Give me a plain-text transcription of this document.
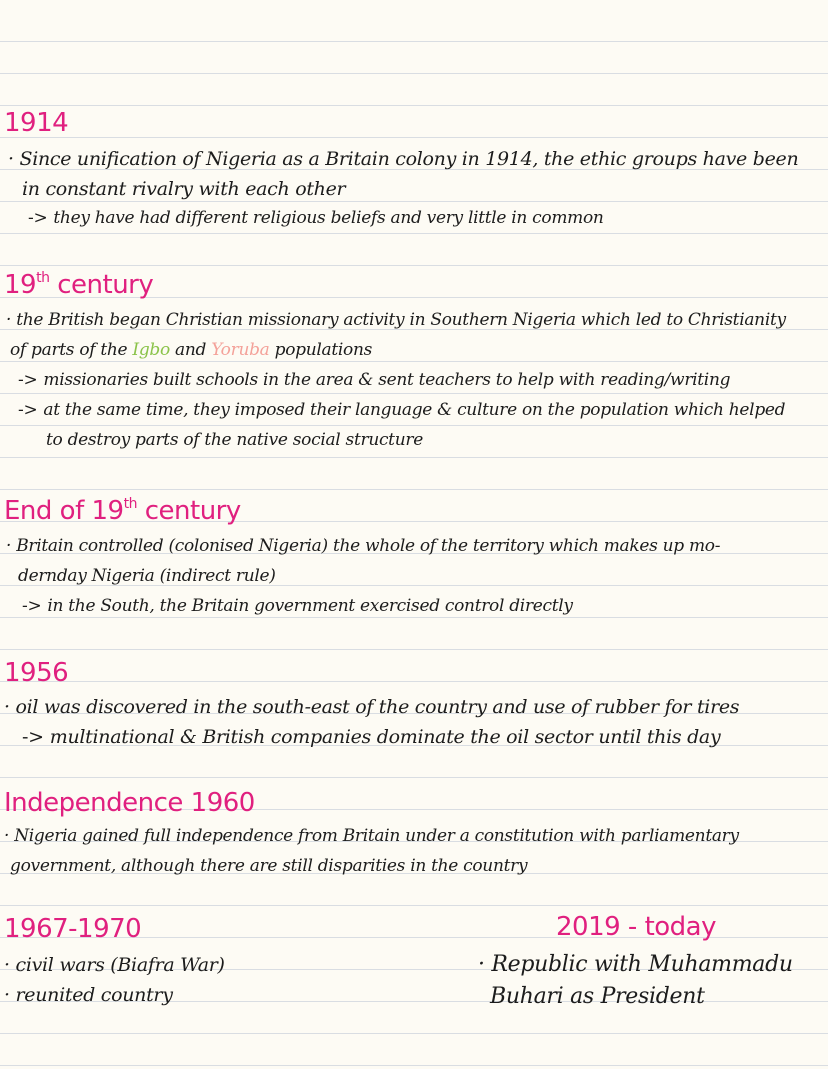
1914
· Since unification of Nigeria as a Britain colony in 1914, the ethic groups have been
in constant rivalry with each other
-> they have had different religious beliefs and very little in common
19th century
· the British began Christian missionary activity in Southern Nigeria which led to Christianity
of parts of the Igbo and Yoruba populations
-> missionaries built schools in the area & sent teachers to help with reading/writing
-> at the same time, they imposed their language & culture on the population which helped
to destroy parts of the native social structure
End of 19th century
· Britain controlled (colonised Nigeria) the whole of the territory which makes up mo-
dernday Nigeria (indirect rule)
-> in the South, the Britain government exercised control directly
1956
· oil was discovered in the south-east of the country and use of rubber for tires
-> multinational & British companies dominate the oil sector until this day
Independence 1960
· Nigeria gained full independence from Britain under a constitution with parliamentary
government, although there are still disparities in the country
1967-1970
· civil wars (Biafra War)
· reunited country
2019 - today
· Republic with Muhammadu
Buhari as President
